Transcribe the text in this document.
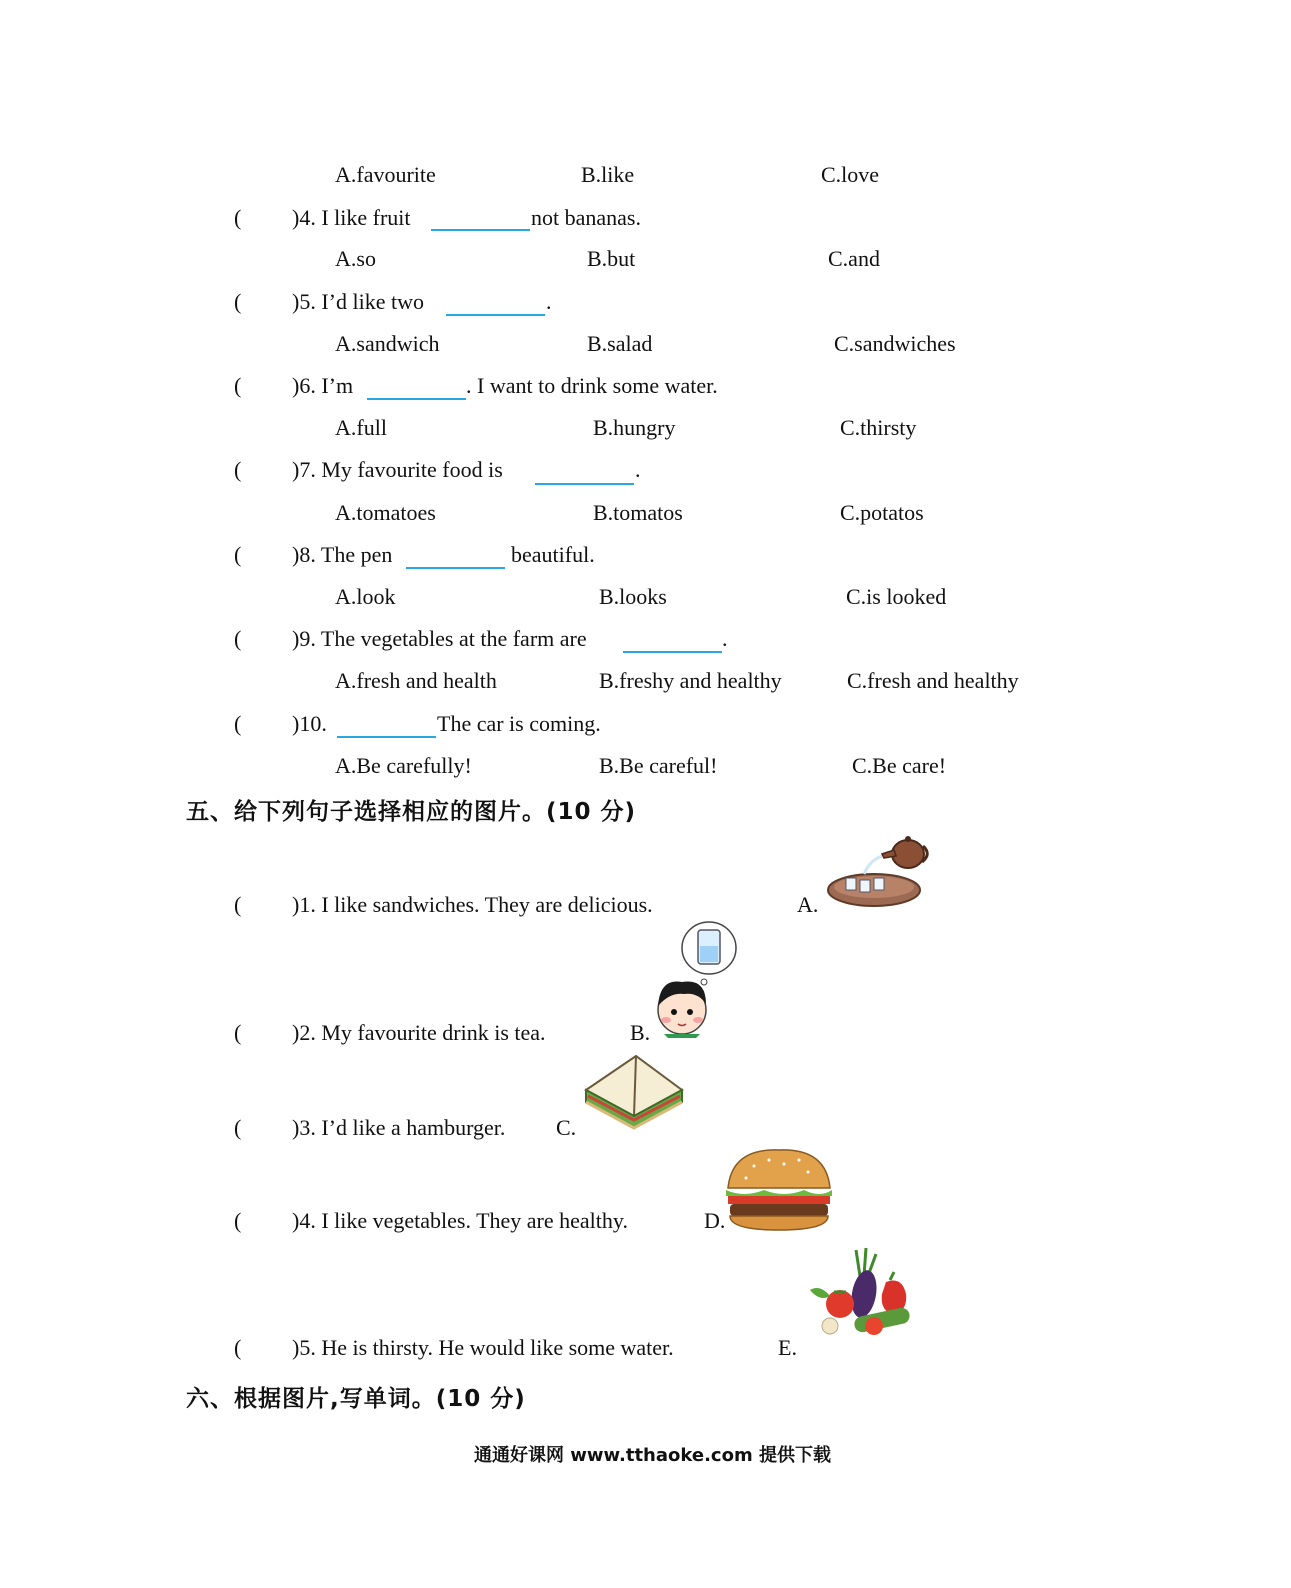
A.favourite	B.like	C.love
( )4. I like fruit	not bananas.
A.so	B.but	C.and
( )5. I’d like two	.
A.sandwich	B.salad	C.sandwiches
( )6. I’m	. I want to drink some water.
A.full	B.hungry	C.thirsty
( )7. My favourite food is	.
A.tomatoes	B.tomatos	C.potatos
( )8. The pen	beautiful.
A.look	B.looks	C.is looked
( )9. The vegetables at the farm are	.
A.fresh and health	B.freshy and healthy	C.fresh and healthy
( )10.	The car is coming.
A.Be carefully!	B.Be careful!	C.Be care!
五、给下列句子选择相应的图片。(10 分)
( )1. I like sandwiches. They are delicious.	A.
( )2. My favourite drink is tea.	B.
( )3. I’d like a hamburger. C.
( )4. I like vegetables. They are healthy.	D.
( )5. He is thirsty. He would like some water.	E.
六、根据图片,写单词。(10 分)
通通好课网 www.tthaoke.com 提供下载
